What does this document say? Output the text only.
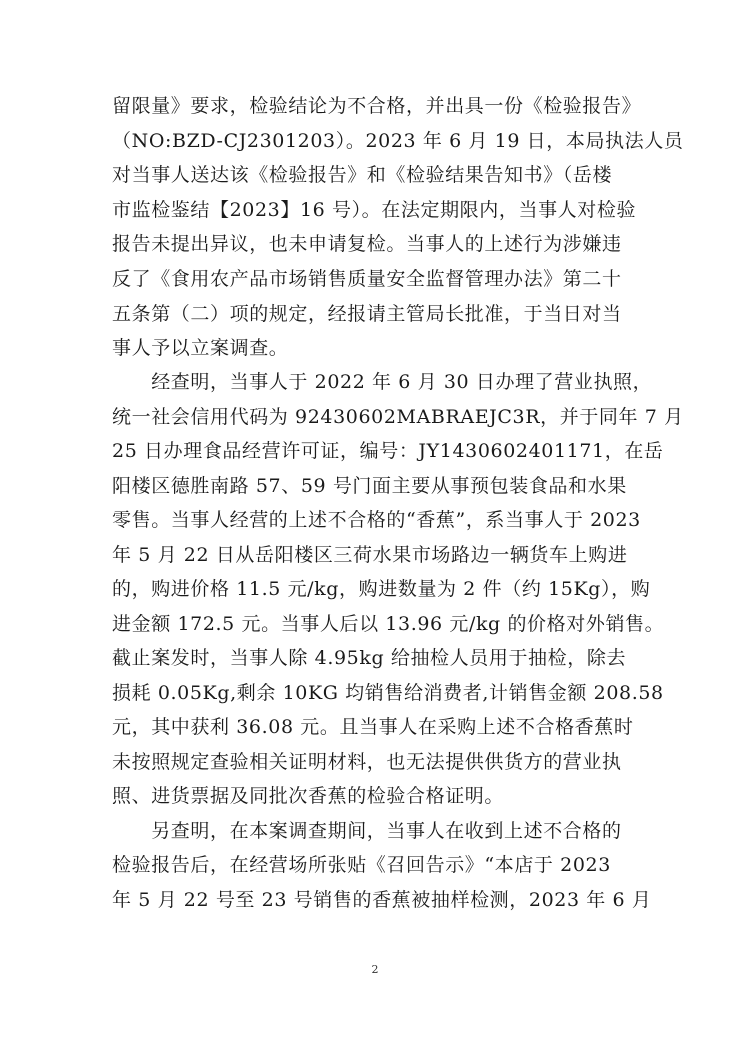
留限量》要求，检验结论为不合格，并出具一份《检验报告》
（NO:BZD-CJ2301203）。2023 年 6 月 19 日，本局执法人员
对当事人送达该《检验报告》和《检验结果告知书》（岳楼
市监检鉴结【2023】16 号）。在法定期限内，当事人对检验
报告未提出异议，也未申请复检。当事人的上述行为涉嫌违
反了《食用农产品市场销售质量安全监督管理办法》第二十
五条第（二）项的规定，经报请主管局长批准，于当日对当
事人予以立案调查。
　　经查明，当事人于 2022 年 6 月 30 日办理了营业执照，
统一社会信用代码为 92430602MABRAEJC3R，并于同年 7 月
25 日办理食品经营许可证，编号：JY14306024011​71，在岳
阳楼区德胜南路 57、59 号门面主要从事预包装食品和水果
零售。当事人经营的上述不合格的“香蕉”，系当事人于 2023
年 5 月 22 日从岳阳楼区三荷水果市场路边一辆货车上购进
的，购进价格 11.5 元/kg，购进数量为 2 件（约 15Kg），购
进金额 172.5 元。当事人后以 13.96 元/kg 的价格对外销售。
截止案发时，当事人除 4.95kg 给抽检人员用于抽检，除去
损耗 0.05Kg,剩余 10KG 均销售给消费者,计销售金额 208.58
元，其中获利 36.08 元。且当事人在采购上述不合格香蕉时
未按照规定查验相关证明材料，也无法提供供货方的营业执
照、进货票据及同批次香蕉的检验合格证明。
　　另查明，在本案调查期间，当事人在收到上述不合格的
检验报告后，在经营场所张贴《召回告示》“本店于 2023
年 5 月 22 号至 23 号销售的香蕉被抽样检测，2023 年 6 月
2
